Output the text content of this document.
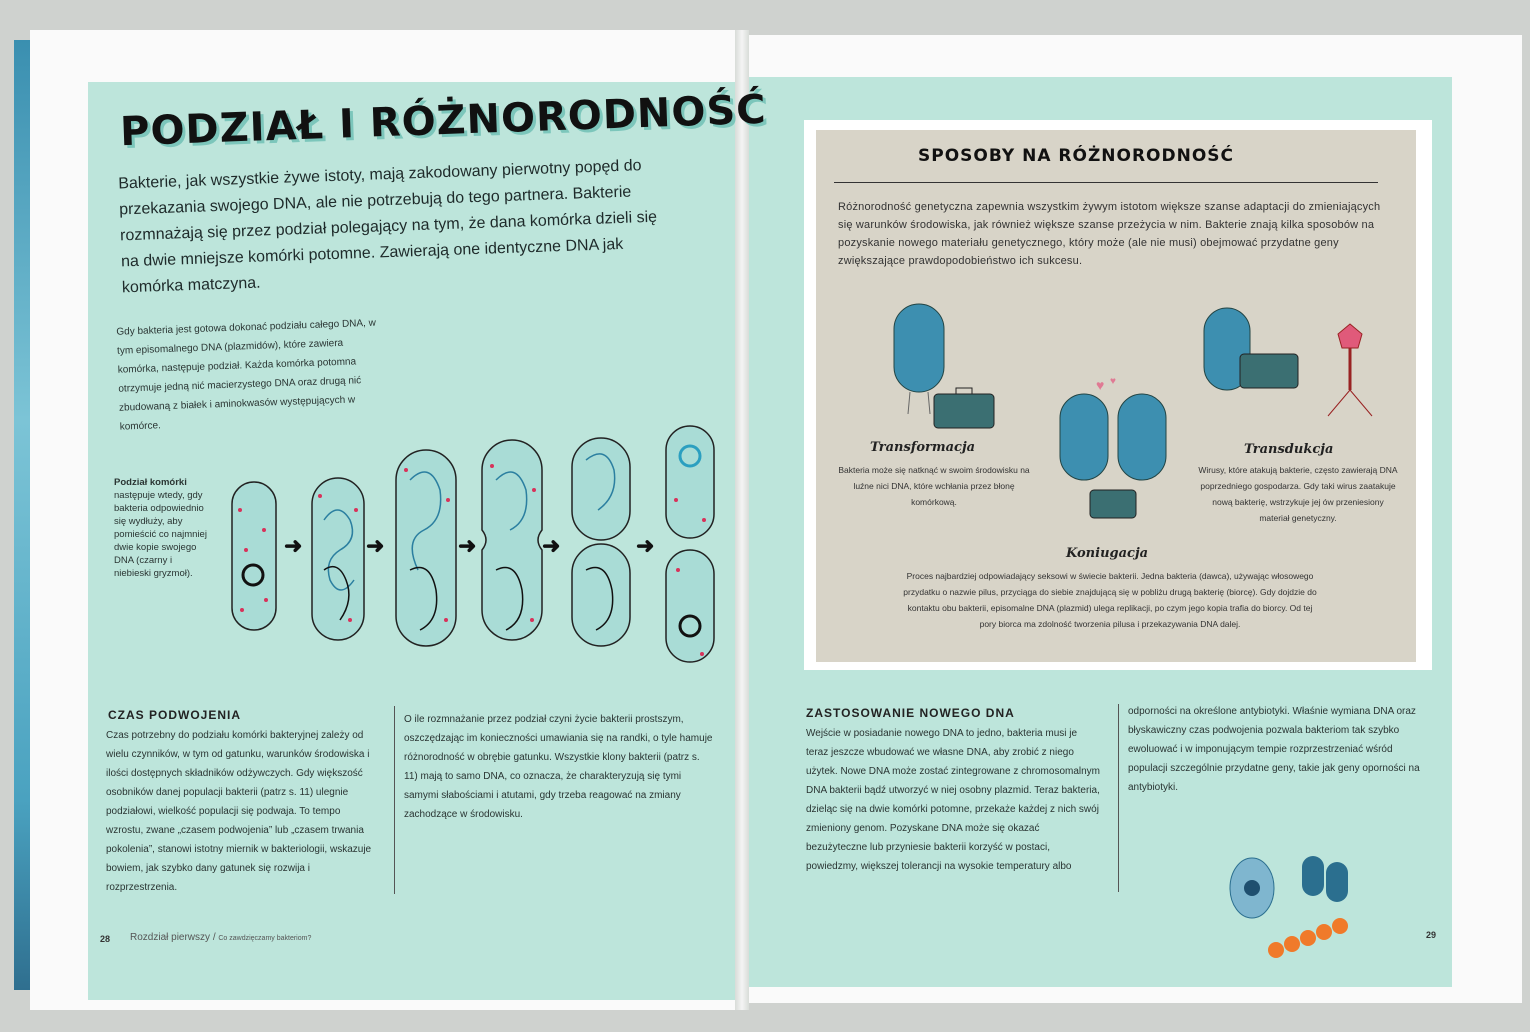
PODZIAŁ I RÓŻNORODNOŚĆ
Bakterie, jak wszystkie żywe istoty, mają zakodowany pierwotny popęd do przekazania swojego DNA, ale nie potrzebują do tego partnera. Bakterie rozmnażają się przez podział polegający na tym, że dana komórka dzieli się na dwie mniejsze komórki potomne. Zawierają one identyczne DNA jak komórka matczyna.
Gdy bakteria jest gotowa dokonać podziału całego DNA, w tym episomalnego DNA (plazmidów), które zawiera komórka, następuje podział. Każda komórka potomna otrzymuje jedną nić macierzystego DNA oraz drugą nić zbudowaną z białek i aminokwasów występujących w komórce.
Podział komórki
następuje wtedy, gdy bakteria odpowiednio się wydłuży, aby pomieścić co najmniej dwie kopie swojego DNA (czarny i niebieski gryzmoł).
➜	➜	➜	➜	➜
CZAS PODWOJENIA
Czas potrzebny do podziału komórki bakteryjnej zależy od wielu czynników, w tym od gatunku, warunków środowiska i ilości dostępnych składników odżywczych. Gdy większość osobników danej populacji bakterii (patrz s. 11) ulegnie podziałowi, wielkość populacji się podwaja. To tempo wzrostu, zwane „czasem podwojenia” lub „czasem trwania pokolenia”, stanowi istotny miernik w bakteriologii, wskazuje bowiem, jak szybko dany gatunek się rozwija i rozprzestrzenia.
O ile rozmnażanie przez podział czyni życie bakterii prostszym, oszczędzając im konieczności umawiania się na randki, o tyle hamuje różnorodność w obrębie gatunku. Wszystkie klony bakterii (patrz s. 11) mają to samo DNA, co oznacza, że charakteryzują się tymi samymi słabościami i atutami, gdy trzeba reagować na zmiany zachodzące w środowisku.
28 Rozdział pierwszy / Co zawdzięczamy bakteriom?
SPOSOBY NA RÓŻNORODNOŚĆ
Różnorodność genetyczna zapewnia wszystkim żywym istotom większe szanse adaptacji do zmieniających się warunków środowiska, jak również większe szanse przeżycia w nim. Bakterie znają kilka sposobów na pozyskanie nowego materiału genetycznego, który może (ale nie musi) obejmować przydatne geny zwiększające prawdopodobieństwo ich sukcesu.
♥ ♥
Transformacja
Bakteria może się natknąć w swoim środowisku na luźne nici DNA, które wchłania przez błonę komórkową.
Transdukcja
Wirusy, które atakują bakterie, często zawierają DNA poprzedniego gospodarza. Gdy taki wirus zaatakuje nową bakterię, wstrzykuje jej ów przeniesiony materiał genetyczny.
Koniugacja
Proces najbardziej odpowiadający seksowi w świecie bakterii. Jedna bakteria (dawca), używając włosowego przydatku o nazwie pilus, przyciąga do siebie znajdującą się w pobliżu drugą bakterię (biorcę). Gdy dojdzie do kontaktu obu bakterii, episomalne DNA (plazmid) ulega replikacji, po czym jego kopia trafia do biorcy. Od tej pory biorca ma zdolność tworzenia pilusa i przekazywania DNA dalej.
ZASTOSOWANIE NOWEGO DNA
Wejście w posiadanie nowego DNA to jedno, bakteria musi je teraz jeszcze wbudować we własne DNA, aby zrobić z niego użytek. Nowe DNA może zostać zintegrowane z chromosomalnym DNA bakterii bądź utworzyć w niej osobny plazmid. Teraz bakteria, dzieląc się na dwie komórki potomne, przekaże każdej z nich swój zmieniony genom. Pozyskane DNA może się okazać bezużyteczne lub przyniesie bakterii korzyść w postaci, powiedzmy, większej tolerancji na wysokie temperatury albo
odporności na określone antybiotyki. Właśnie wymiana DNA oraz błyskawiczny czas podwojenia pozwala bakteriom tak szybko ewoluować i w imponującym tempie rozprzestrzeniać wśród populacji szczególnie przydatne geny, takie jak geny oporności na antybiotyki.
29
